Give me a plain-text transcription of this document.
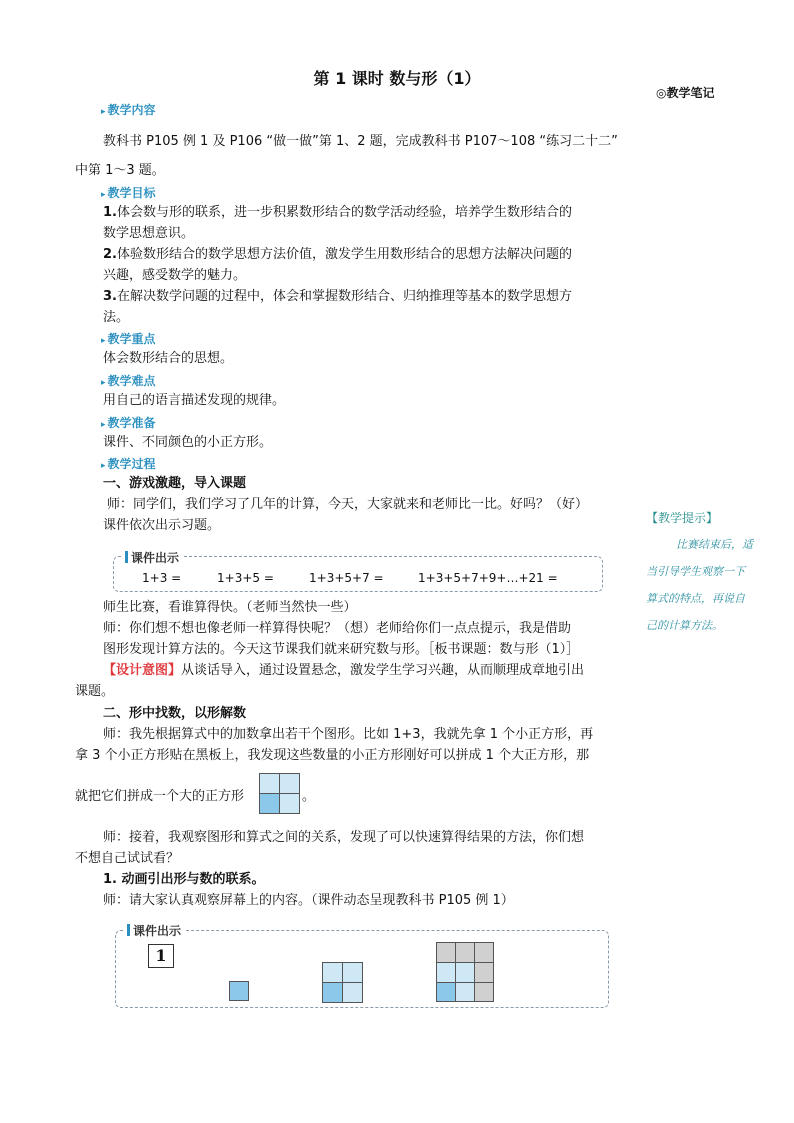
第 1 课时 数与形（1）
◎教学笔记
▸ 教学内容
教科书 P105 例 1 及 P106 “做一做”第 1、2 题，完成教科书 P107～108 “练习二十二”
中第 1～3 题。
▸ 教学目标
1.体会数与形的联系，进一步积累数形结合的数学活动经验，培养学生数形结合的
数学思想意识。
2.体验数形结合的数学思想方法价值，激发学生用数形结合的思想方法解决问题的
兴趣，感受数学的魅力。
3.在解决数学问题的过程中，体会和掌握数形结合、归纳推理等基本的数学思想方
法。
▸ 教学重点
体会数形结合的思想。
▸ 教学难点
用自己的语言描述发现的规律。
▸ 教学准备
课件、不同颜色的小正方形。
▸ 教学过程
一、游戏激趣，导入课题
师：同学们，我们学习了几年的计算，今天，大家就来和老师比一比。好吗？（好）
课件依次出示习题。
课件出示
1+3 =	1+3+5 =	1+3+5+7 =	1+3+5+7+9+…+21 =
师生比赛，看谁算得快。（老师当然快一些）
师：你们想不想也像老师一样算得快呢？（想）老师给你们一点点提示，我是借助
图形发现计算方法的。今天这节课我们就来研究数与形。［板书课题：数与形（1）］
【设计意图】从谈话导入，通过设置悬念，激发学生学习兴趣，从而顺理成章地引出
课题。
二、形中找数，以形解数
师：我先根据算式中的加数拿出若干个图形。比如 1+3，我就先拿 1 个小正方形，再
拿 3 个小正方形贴在黑板上，我发现这些数量的小正方形刚好可以拼成 1 个大正方形，那
就把它们拼成一个大的正方形	。
师：接着，我观察图形和算式之间的关系，发现了可以快速算得结果的方法，你们想
不想自己试试看？
1. 动画引出形与数的联系。
师：请大家认真观察屏幕上的内容。（课件动态呈现教科书 P105 例 1）
课件出示
1
【教学提示】
比赛结束后，适
当引导学生观察一下
算式的特点，再说自
己的计算方法。
